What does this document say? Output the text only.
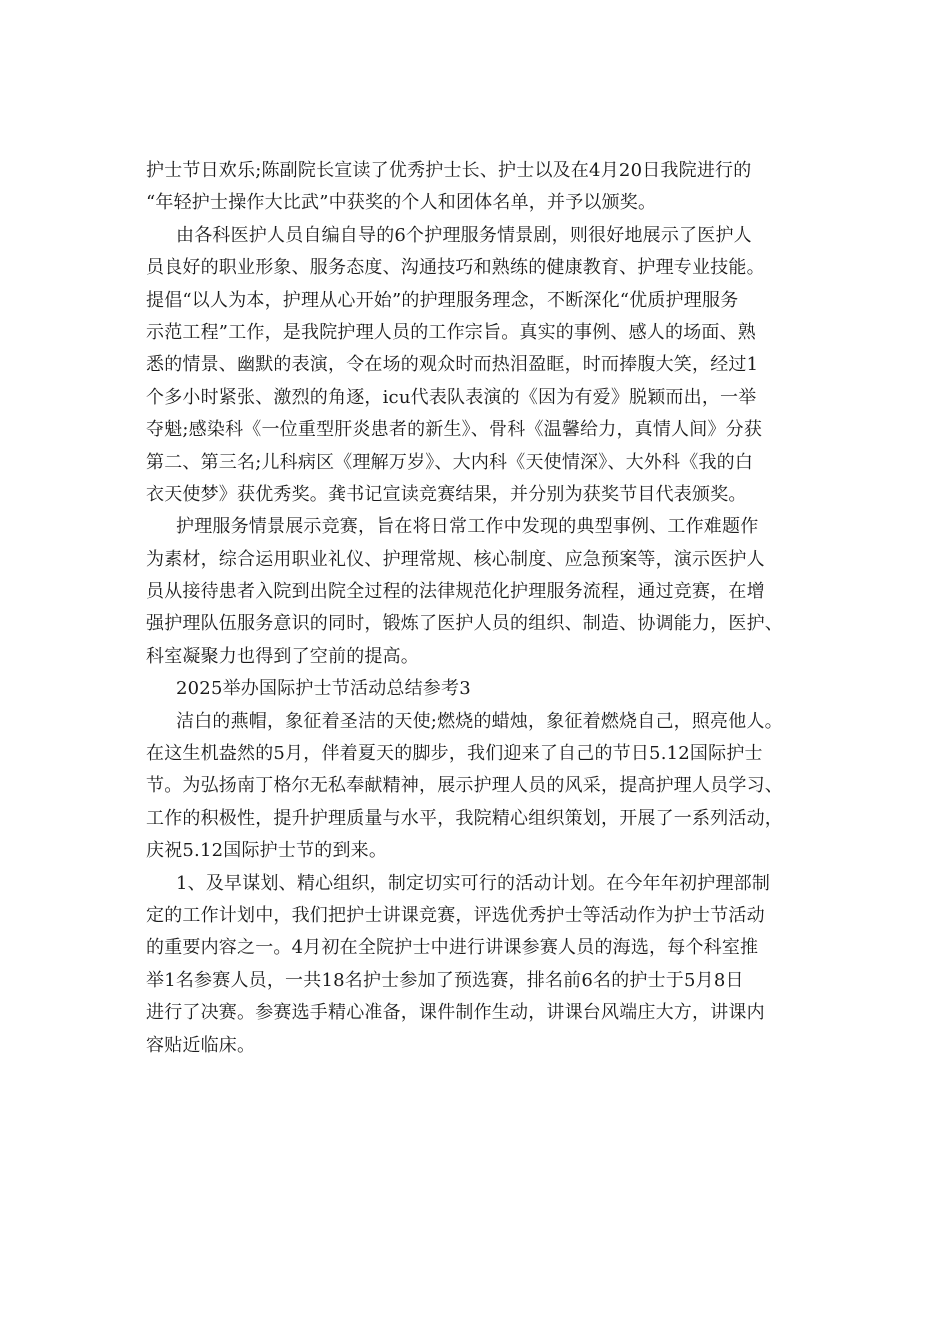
护士节日欢乐;陈副院长宣读了优秀护士长、护士以及在4月20日我院进行的
“年轻护士操作大比武”中获奖的个人和团体名单，并予以颁奖。
由各科医护人员自编自导的6个护理服务情景剧，则很好地展示了医护人
员良好的职业形象、服务态度、沟通技巧和熟练的健康教育、护理专业技能。
提倡“以人为本，护理从心开始”的护理服务理念，不断深化“优质护理服务
示范工程”工作，是我院护理人员的工作宗旨。真实的事例、感人的场面、熟
悉的情景、幽默的表演，令在场的观众时而热泪盈眶，时而捧腹大笑，经过1
个多小时紧张、激烈的角逐，icu代表队表演的《因为有爱》脱颖而出，一举
夺魁;感染科《一位重型肝炎患者的新生》、骨科《温馨给力，真情人间》分获
第二、第三名;儿科病区《理解万岁》、大内科《天使情深》、大外科《我的白
衣天使梦》获优秀奖。龚书记宣读竞赛结果，并分别为获奖节目代表颁奖。
护理服务情景展示竞赛，旨在将日常工作中发现的典型事例、工作难题作
为素材，综合运用职业礼仪、护理常规、核心制度、应急预案等，演示医护人
员从接待患者入院到出院全过程的法律规范化护理服务流程，通过竞赛，在增
强护理队伍服务意识的同时，锻炼了医护人员的组织、制造、协调能力，医护、
科室凝聚力也得到了空前的提高。
2025举办国际护士节活动总结参考3
洁白的燕帽，象征着圣洁的天使;燃烧的蜡烛，象征着燃烧自己，照亮他人。
在这生机盎然的5月，伴着夏天的脚步，我们迎来了自己的节日5.12国际护士
节。为弘扬南丁格尔无私奉献精神，展示护理人员的风采，提高护理人员学习、
工作的积极性，提升护理质量与水平，我院精心组织策划，开展了一系列活动，
庆祝5.12国际护士节的到来。
1、及早谋划、精心组织，制定切实可行的活动计划。在今年年初护理部制
定的工作计划中，我们把护士讲课竞赛，评选优秀护士等活动作为护士节活动
的重要内容之一。4月初在全院护士中进行讲课参赛人员的海选，每个科室推
举1名参赛人员，一共18名护士参加了预选赛，排名前6名的护士于5月8日
进行了决赛。参赛选手精心准备，课件制作生动，讲课台风端庄大方，讲课内
容贴近临床。
